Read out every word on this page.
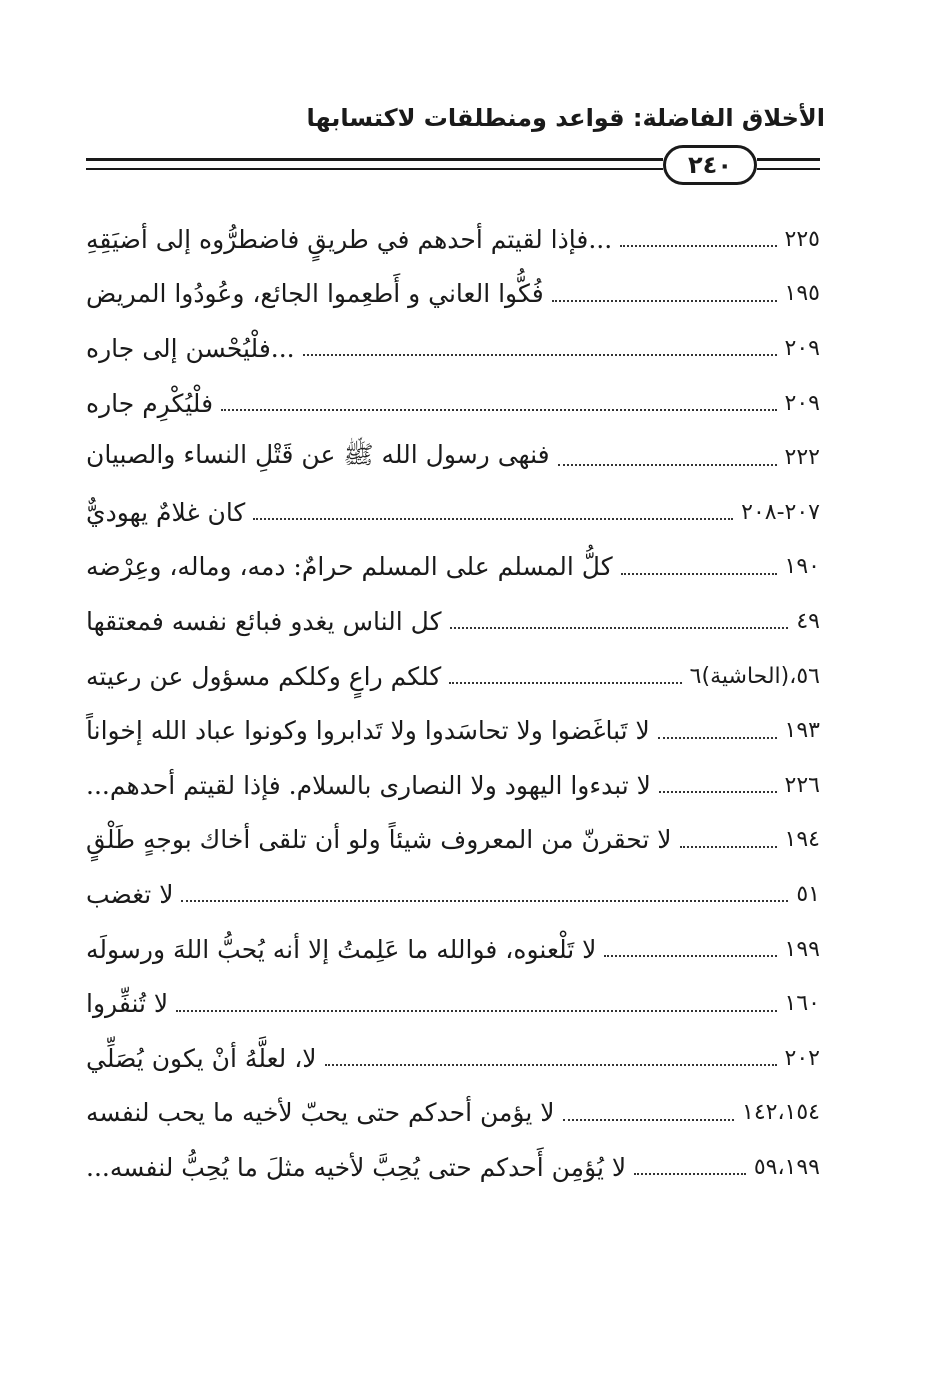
الأخلاق الفاضلة: قواعد ومنطلقات لاكتسابها
٢٤٠
...فإذا لقيتم أحدهم في طريقٍ فاضطرُّوه إلى أضيَقِهِ	٢٢٥
فُكُّوا العاني و أَطعِموا الجائع، وعُودُوا المريض	١٩٥
...فلْيُحْسن إلى جاره	٢٠٩
فلْيُكْرِم جاره	٢٠٩
فنهى رسول الله ﷺ عن قَتْلِ النساء والصبيان	٢٢٢
كان غلامٌ يهوديٌّ	٢٠٧-٢٠٨
كلُّ المسلم على المسلم حرامٌ: دمه، وماله، وعِرْضه	١٩٠
كل الناس يغدو فبائع نفسه فمعتقها	٤٩
كلكم راعٍ وكلكم مسؤول عن رعيته	٥٦،(الحاشية)٦
لا تَباغَضوا ولا تحاسَدوا ولا تَدابروا وكونوا عباد الله إخواناً	١٩٣
لا تبدءوا اليهود ولا النصارى بالسلام. فإذا لقيتم أحدهم...	٢٢٦
لا تحقرنّ من المعروف شيئاً ولو أن تلقى أخاك بوجهٍ طَلْقٍ	١٩٤
لا تغضب	٥١
لا تَلْعنوه، فوالله ما عَلِمتُ إلا أنه يُحبُّ اللهَ ورسولَه	١٩٩
لا تُنفِّروا	١٦٠
لا، لعلَّهُ أنْ يكون يُصَلِّي	٢٠٢
لا يؤمن أحدكم حتى يحبّ لأخيه ما يحب لنفسه	١٤٢،١٥٤
لا يُؤمِن أَحدكم حتى يُحِبَّ لأخيه مثلَ ما يُحِبُّ لنفسه...	٥٩،١٩٩
